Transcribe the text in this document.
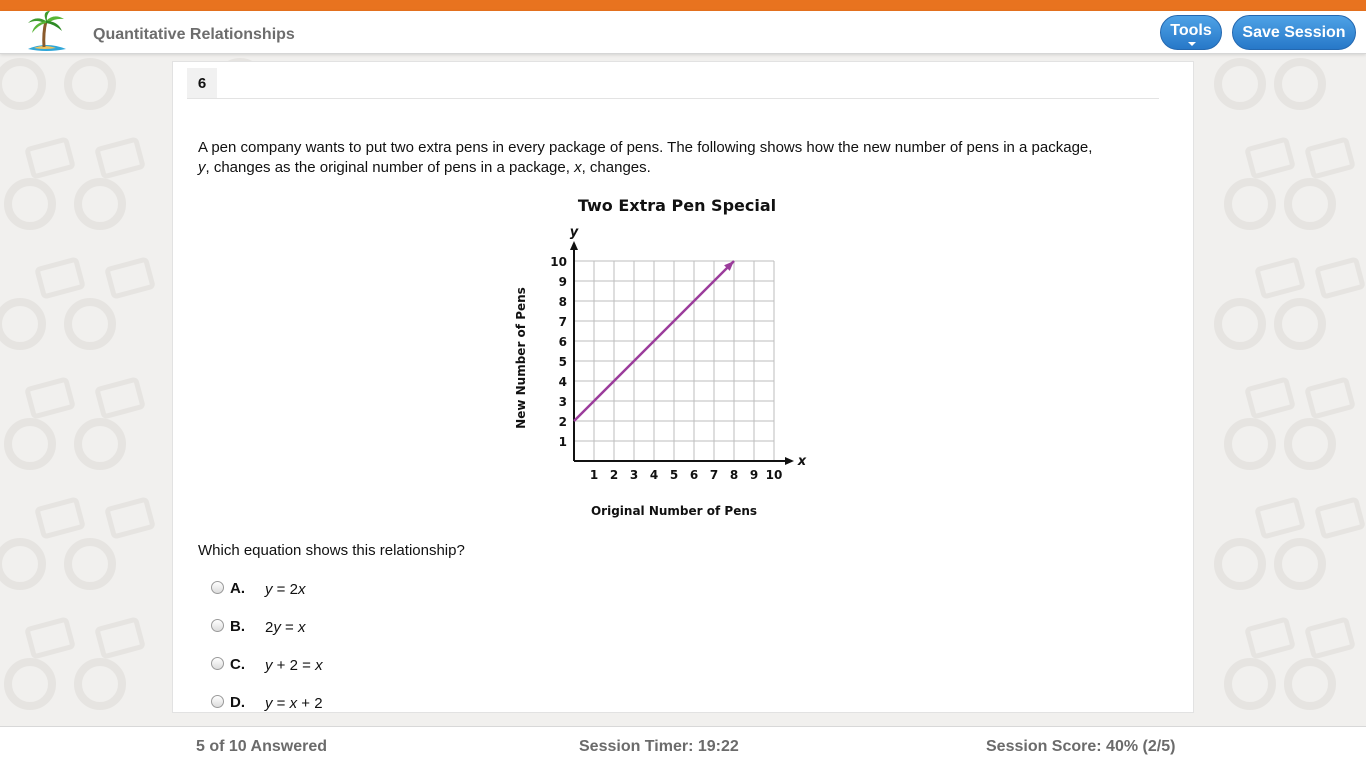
Quantitative Relationships	Tools	Save Session
6
A pen company wants to put two extra pens in every package of pens. The following shows how the new number of pens in a package, y, changes as the original number of pens in a package, x, changes.
Two Extra Pen Special
x
y
1 2 3 4 5 6 7 8 9 10
1
2
3
4
5
6
7
8
9
10
Original Number of Pens
New Number of Pens
Which equation shows this relationship?
A. y = 2x
B. 2y = x
C. y + 2 = x
D. y = x + 2
5 of 10 Answered	Session Timer: 19:22	Session Score: 40% (2/5)
